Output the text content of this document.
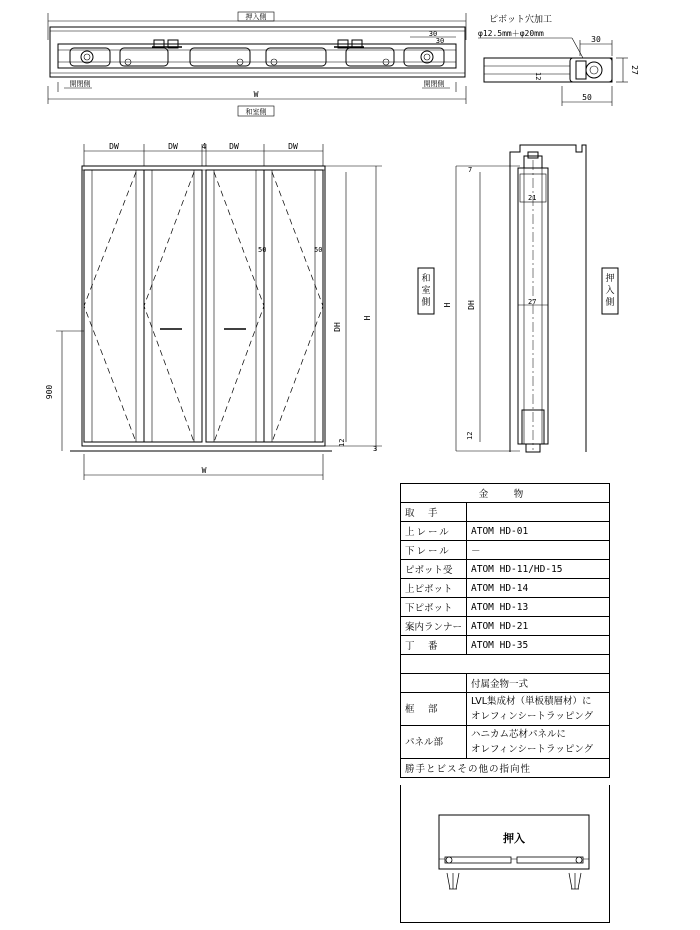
押入側
30
30
開閉側	開閉側
W
和室側
ピボット穴加工
φ12.5mm＋φ20mm
30
12
27
50
DW	DW	4	DW	DW
50	50
900
DH
H
12
3
W
和室側
押入側
H DH
7
12
21
27
金　物	
取　手	
上レール	ATOM HD-01
下レール	－
ピボット受	ATOM HD-11/HD-15
上ピボット	ATOM HD-14
下ピボット	ATOM HD-13
案内ランナー	ATOM HD-21
丁　番	ATOM HD-35

	付属金物一式
框　部	LVL集成材（単板積層材）に
オレフィンシートラッピング

パネル部	ハニカム芯材パネルに
オレフィンシートラッピング

勝手とビスその他の指向性	
押入
